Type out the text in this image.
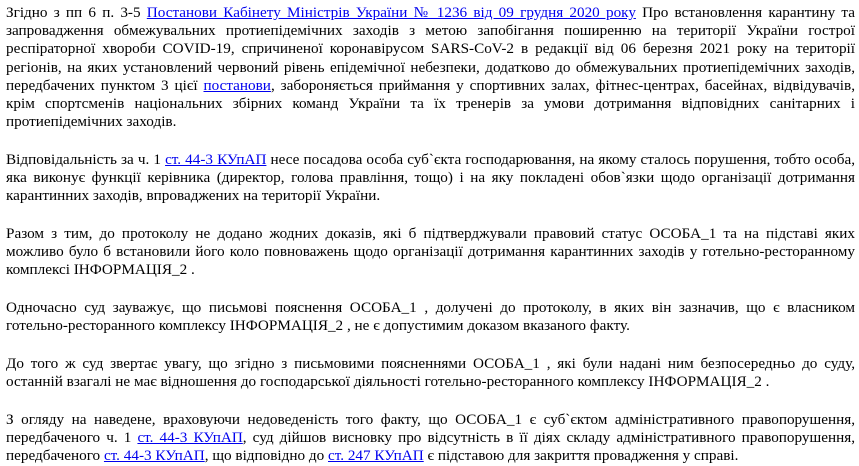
Згідно з пп 6 п. 3-5 Постанови Кабінету Міністрів України № 1236 від 09 грудня 2020 року Про встановлення карантину та запровадження обмежувальних протиепідемічних заходів з метою запобігання поширенню на території України гострої респіраторної хвороби COVID-19, спричиненої коронавірусом SARS-CoV-2 в редакції від 06 березня 2021 року на території регіонів, на яких установлений червоний рівень епідемічної небезпеки, додатково до обмежувальних протиепідемічних заходів, передбачених пунктом 3 цієї постанови, забороняється приймання у спортивних залах, фітнес-центрах, басейнах, відвідувачів, крім спортсменів національних збірних команд України та їх тренерів за умови дотримання відповідних санітарних і протиепідемічних заходів.

Відповідальність за ч. 1 ст. 44-3 КУпАП несе посадова особа суб`єкта господарювання, на якому сталось порушення, тобто особа, яка виконує функції керівника (директор, голова правління, тощо) і на яку покладені обов`язки щодо організації дотримання карантинних заходів, впроваджених на території України.

Разом з тим, до протоколу не додано жодних доказів, які б підтверджували правовий статус ОСОБА_1 та на підставі яких можливо було б встановили його коло повноважень щодо організації дотримання карантинних заходів у готельно-ресторанному комплексі ІНФОРМАЦІЯ_2 .

Одночасно суд зауважує, що письмові пояснення ОСОБА_1 , долучені до протоколу, в яких він зазначив, що є власником готельно-ресторанного комплексу ІНФОРМАЦІЯ_2 , не є допустимим доказом вказаного факту.

До того ж суд звертає увагу, що згідно з письмовими поясненнями ОСОБА_1 , які були надані ним безпосередньо до суду, останній взагалі не має відношення до господарської діяльності готельно-ресторанного комплексу ІНФОРМАЦІЯ_2 .

З огляду на наведене, враховуючи недоведеність того факту, що ОСОБА_1 є суб`єктом адміністративного правопорушення, передбаченого ч. 1 ст. 44-3 КУпАП, суд дійшов висновку про відсутність в її діях складу адміністративного правопорушення, передбаченого ст. 44-3 КУпАП, що відповідно до ст. 247 КУпАП є підставою для закриття провадження у справі.
